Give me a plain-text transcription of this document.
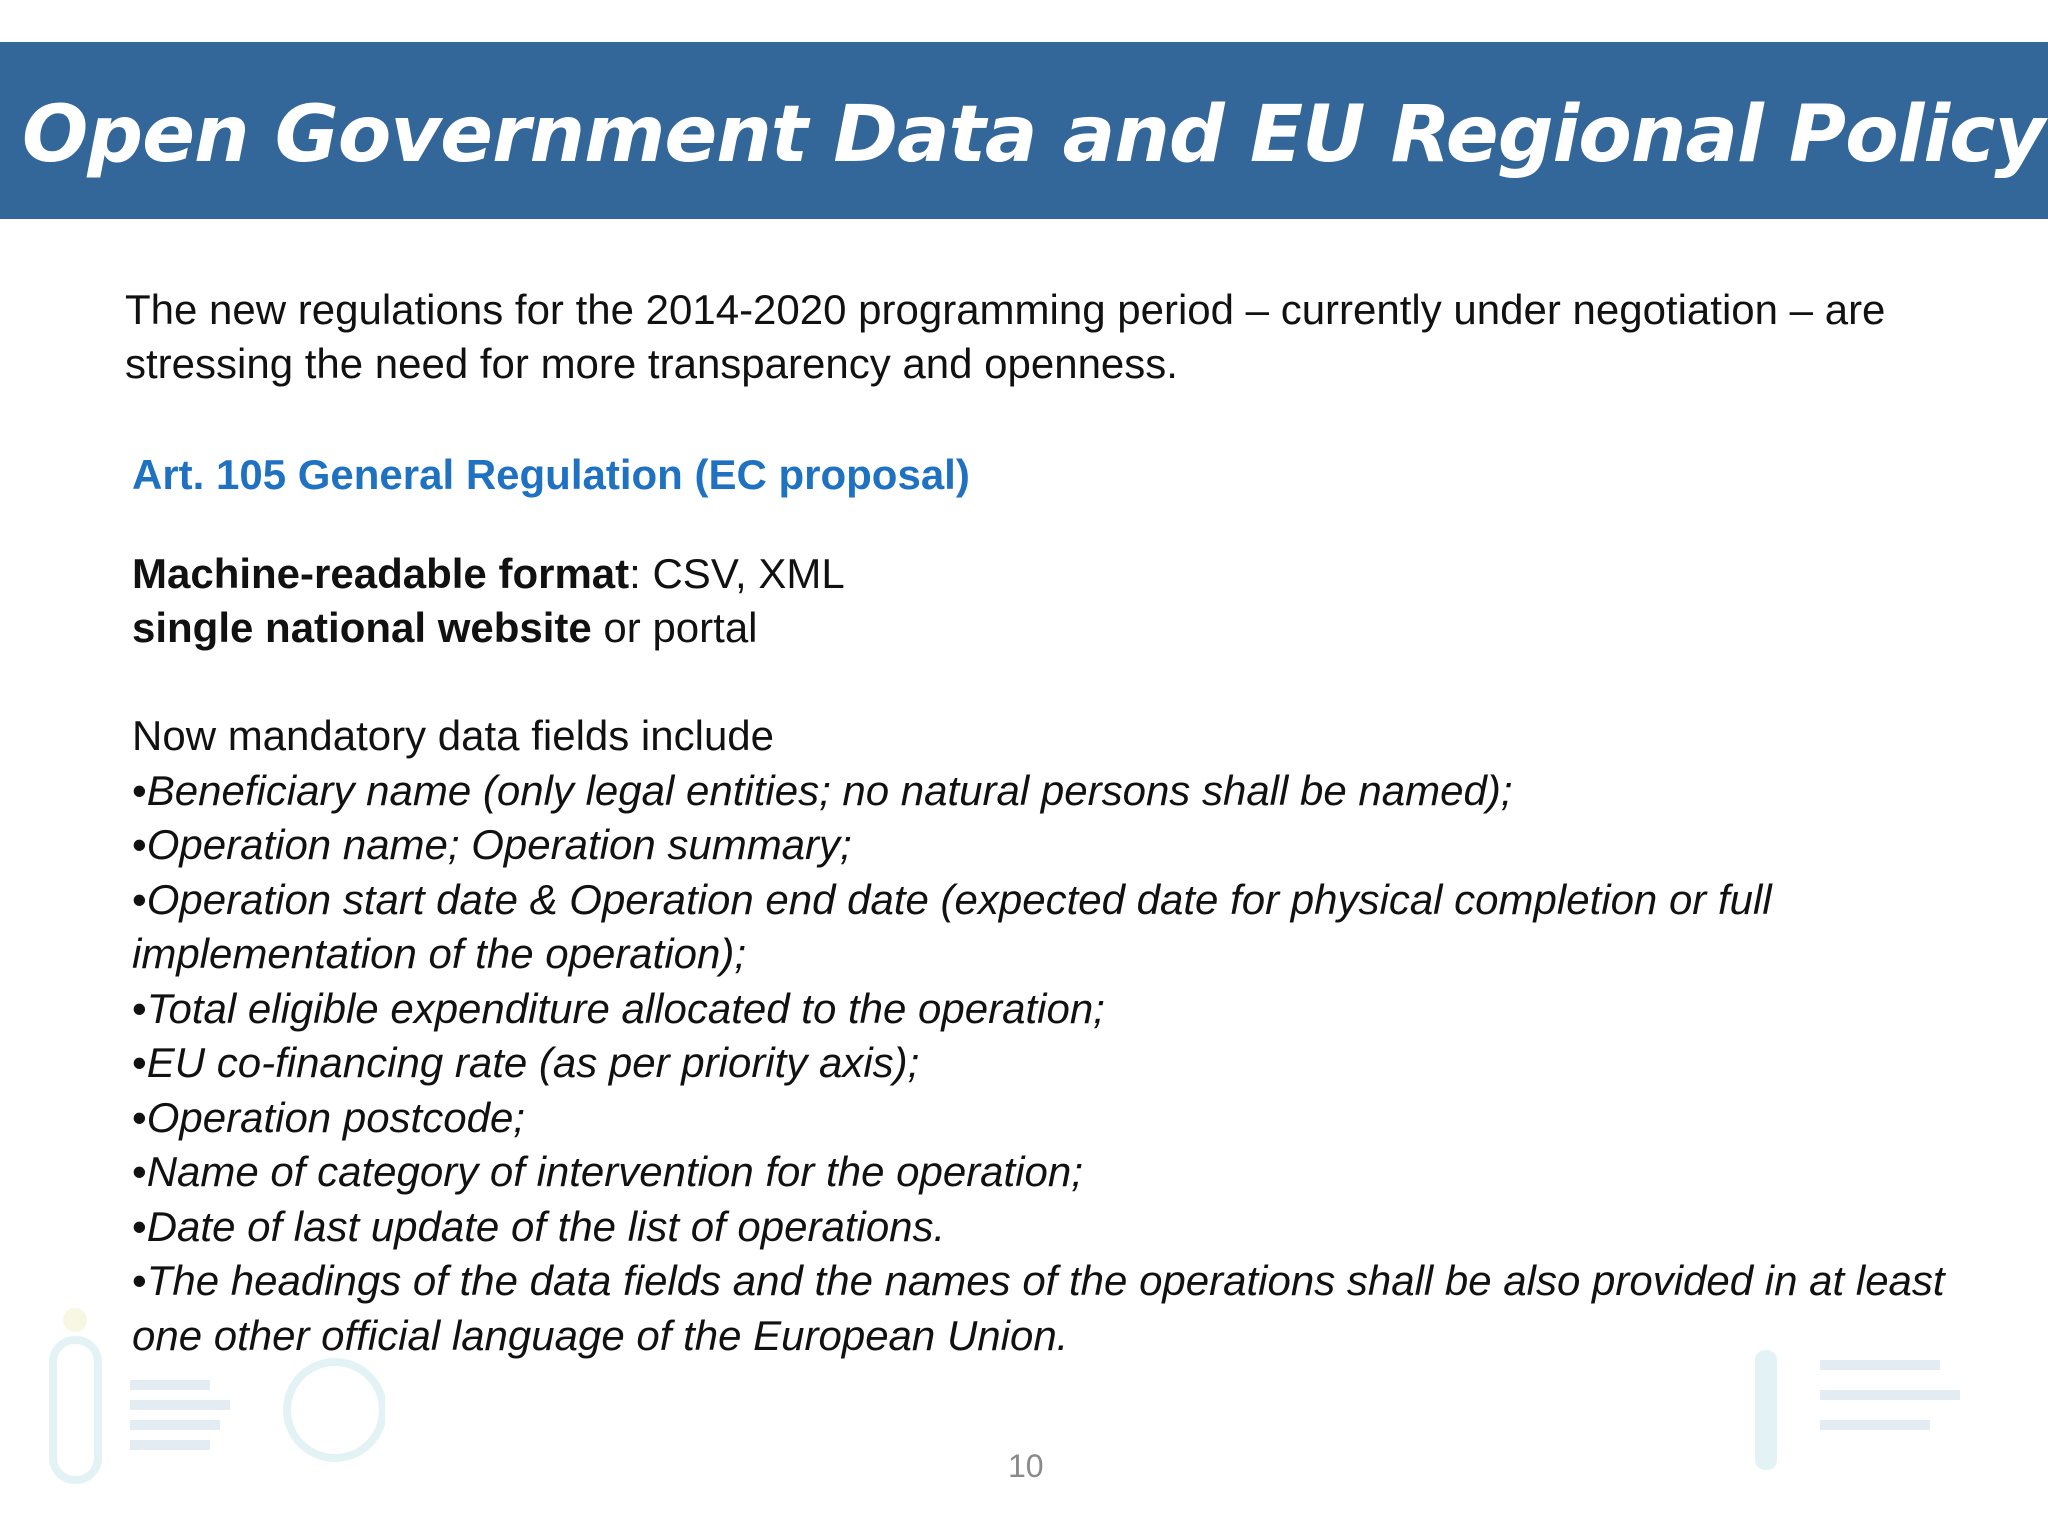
Open Government Data and EU Regional Policy
The new regulations for the 2014-2020 programming period – currently under negotiation – are stressing the need for more transparency and openness.
Art. 105 General Regulation (EC proposal)
Machine-readable format: CSV, XML
single national website or portal
Now mandatory data fields include
•Beneficiary name (only legal entities; no natural persons shall be named);
•Operation name; Operation summary;
•Operation start date & Operation end date (expected date for physical completion or full implementation of the operation);
•Total eligible expenditure allocated to the operation;
•EU co-financing rate (as per priority axis);
•Operation postcode;
•Name of category of intervention for the operation;
•Date of last update of the list of operations.
•The headings of the data fields and the names of the operations shall be also provided in at least one other official language of the European Union.
10
